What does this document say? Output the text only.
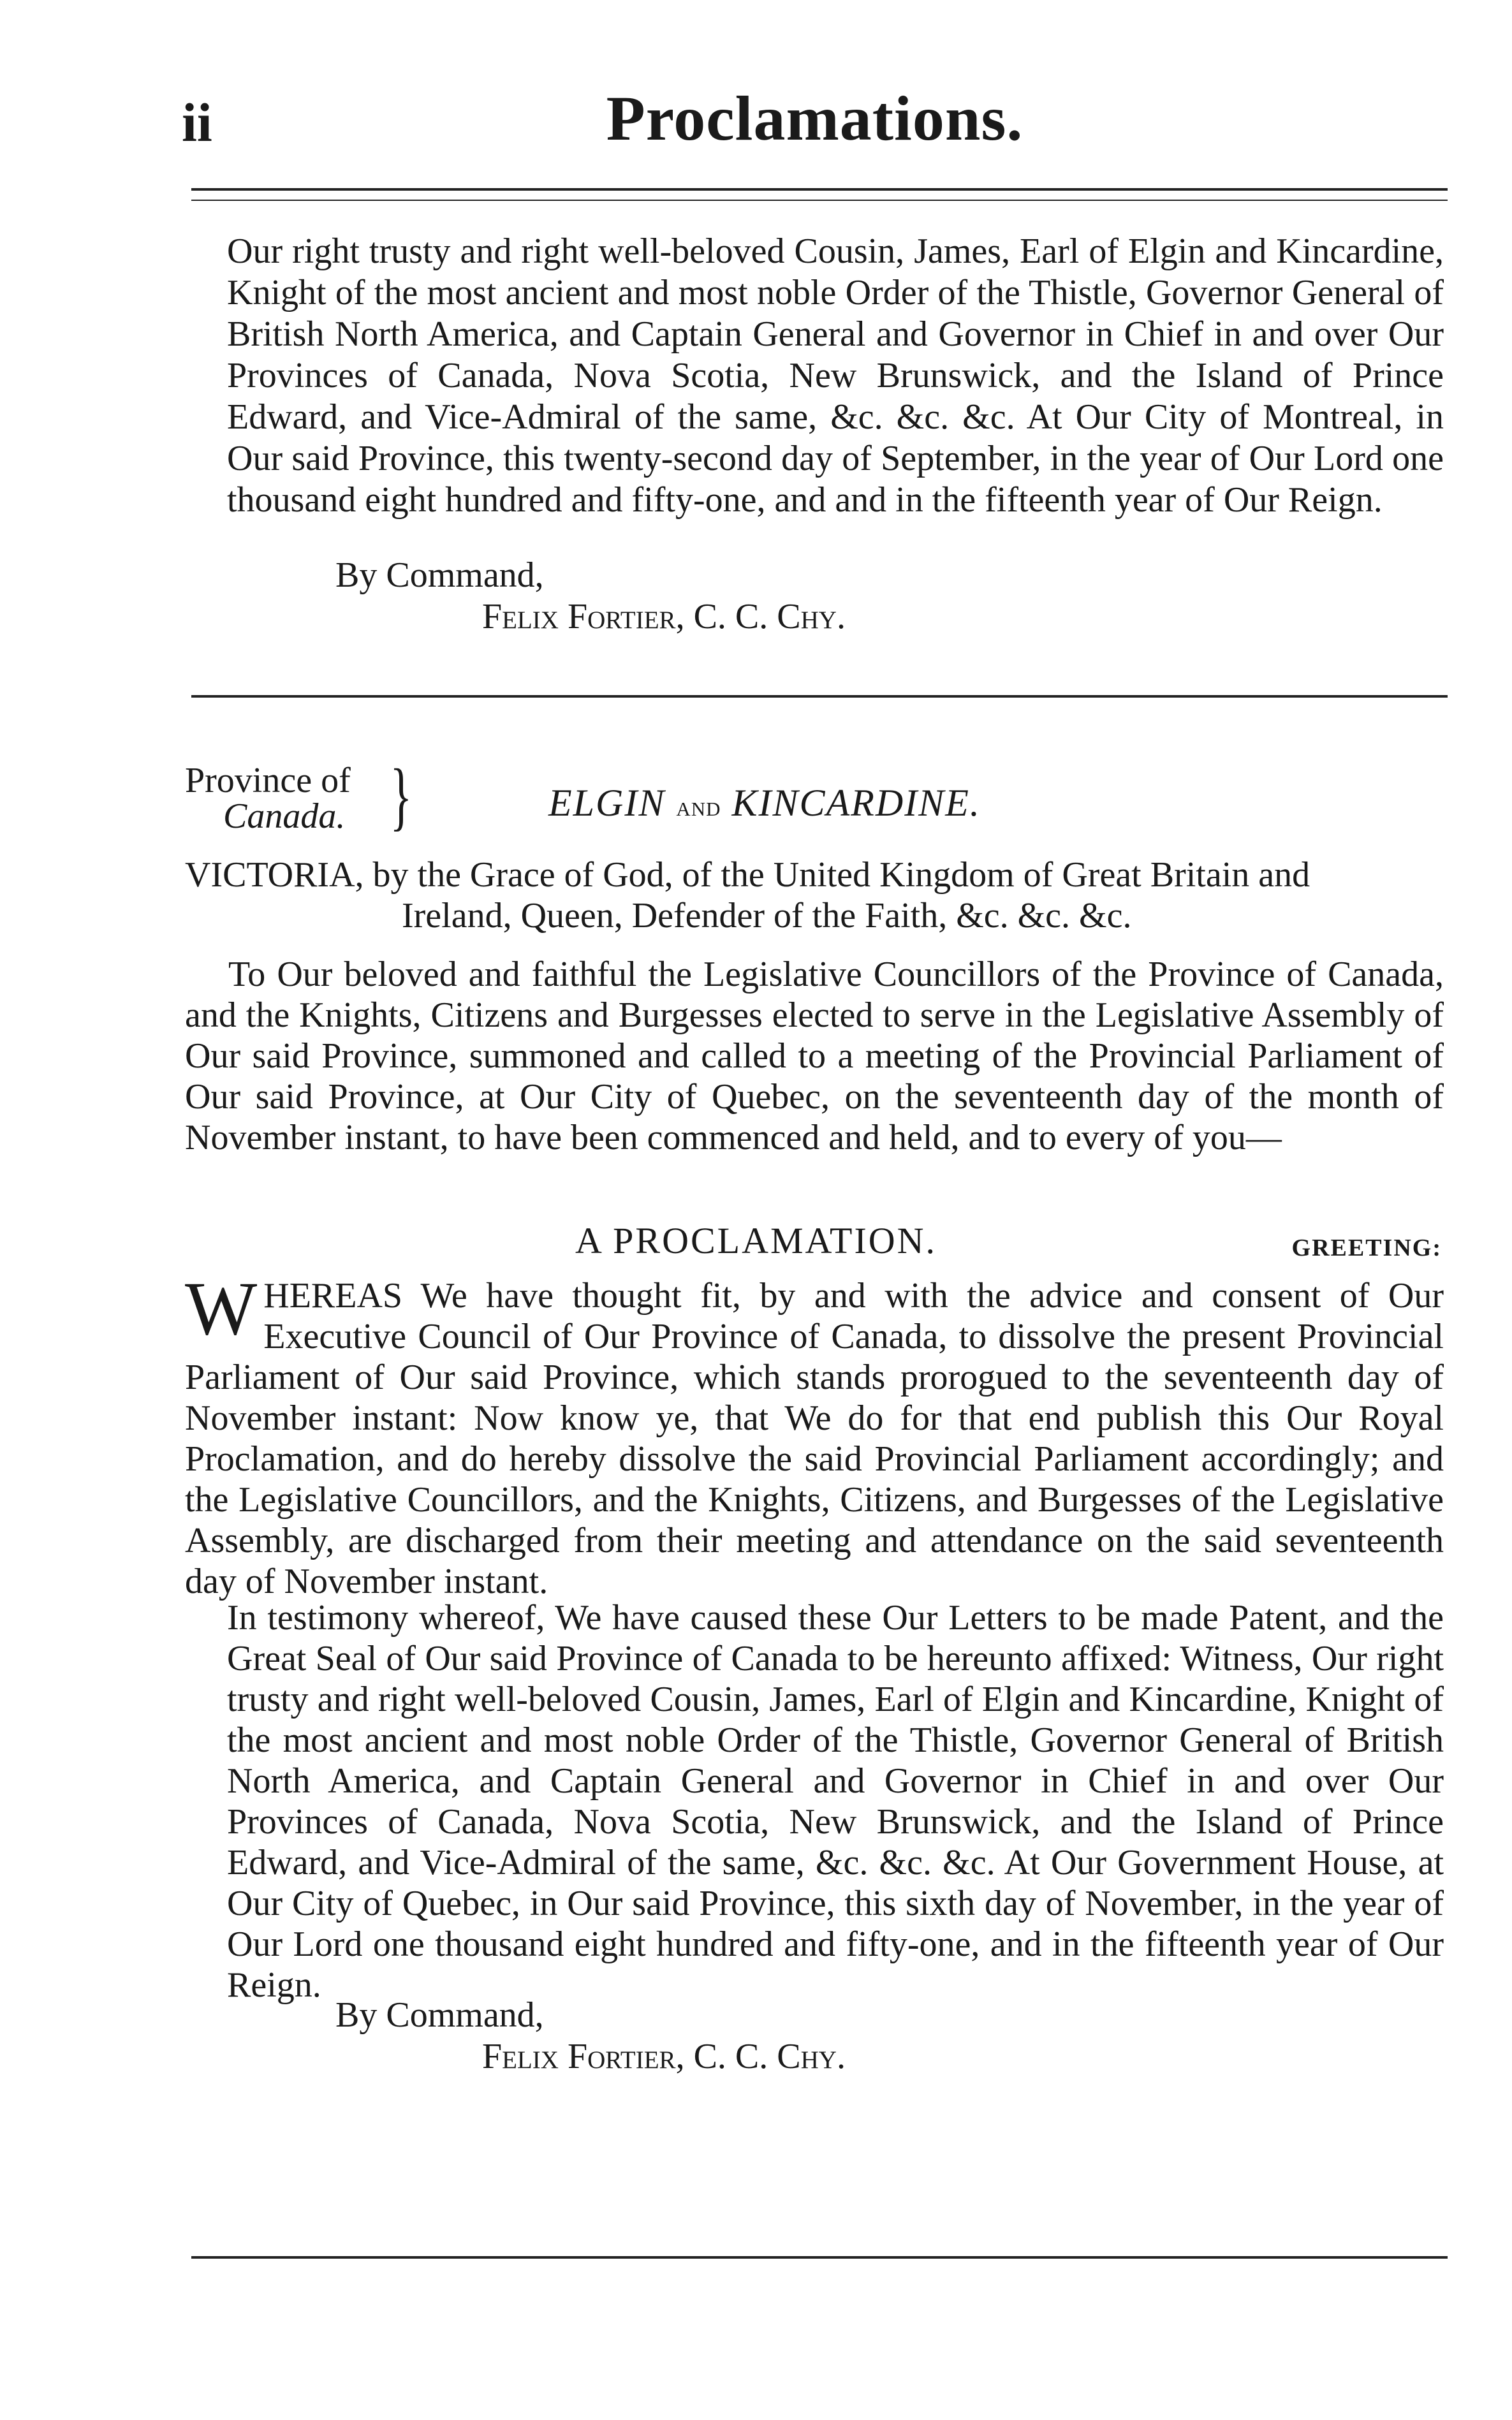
ii	Proclamations.
Our right trusty and right well-beloved Cousin, James, Earl of Elgin and Kincardine, Knight of the most ancient and most noble Order of the Thistle, Governor General of British North America, and Captain General and Governor in Chief in and over Our Provinces of Canada, Nova Scotia, New Brunswick, and the Island of Prince Edward, and Vice-Admiral of the same, &c. &c. &c. At Our City of Montreal, in Our said Province, this twenty-second day of September, in the year of Our Lord one thousand eight hundred and fifty-one, and and in the fifteenth year of Our Reign.
By Command,
Felix Fortier, C. C. Chy.
Province of
Canada. }	ELGIN and KINCARDINE.
VICTORIA, by the Grace of God, of the United Kingdom of Great Britain and
Ireland, Queen, Defender of the Faith, &c. &c. &c.
To Our beloved and faithful the Legislative Councillors of the Province of Canada, and the Knights, Citizens and Burgesses elected to serve in the Legislative Assembly of Our said Province, summoned and called to a meeting of the Provincial Parliament of Our said Province, at Our City of Quebec, on the seventeenth day of the month of November instant, to have been commenced and held, and to every of you—
A PROCLAMATION.	GREETING:
W HEREAS We have thought fit, by and with the advice and consent of Our Executive Council of Our Province of Canada, to dissolve the present Provincial Parliament of Our said Province, which stands prorogued to the seventeenth day of November instant: Now know ye, that We do for that end publish this Our Royal Proclamation, and do hereby dissolve the said Provincial Parliament accordingly; and the Legislative Councillors, and the Knights, Citizens, and Burgesses of the Legislative Assembly, are discharged from their meeting and attendance on the said seventeenth day of November instant.
In testimony whereof, We have caused these Our Letters to be made Patent, and the Great Seal of Our said Province of Canada to be hereunto affixed: Witness, Our right trusty and right well-beloved Cousin, James, Earl of Elgin and Kincardine, Knight of the most ancient and most noble Order of the Thistle, Governor General of British North America, and Captain General and Governor in Chief in and over Our Provinces of Canada, Nova Scotia, New Brunswick, and the Island of Prince Edward, and Vice-Admiral of the same, &c. &c. &c. At Our Government House, at Our City of Quebec, in Our said Province, this sixth day of November, in the year of Our Lord one thousand eight hundred and fifty-one, and in the fifteenth year of Our Reign.
By Command,
Felix Fortier, C. C. Chy.
